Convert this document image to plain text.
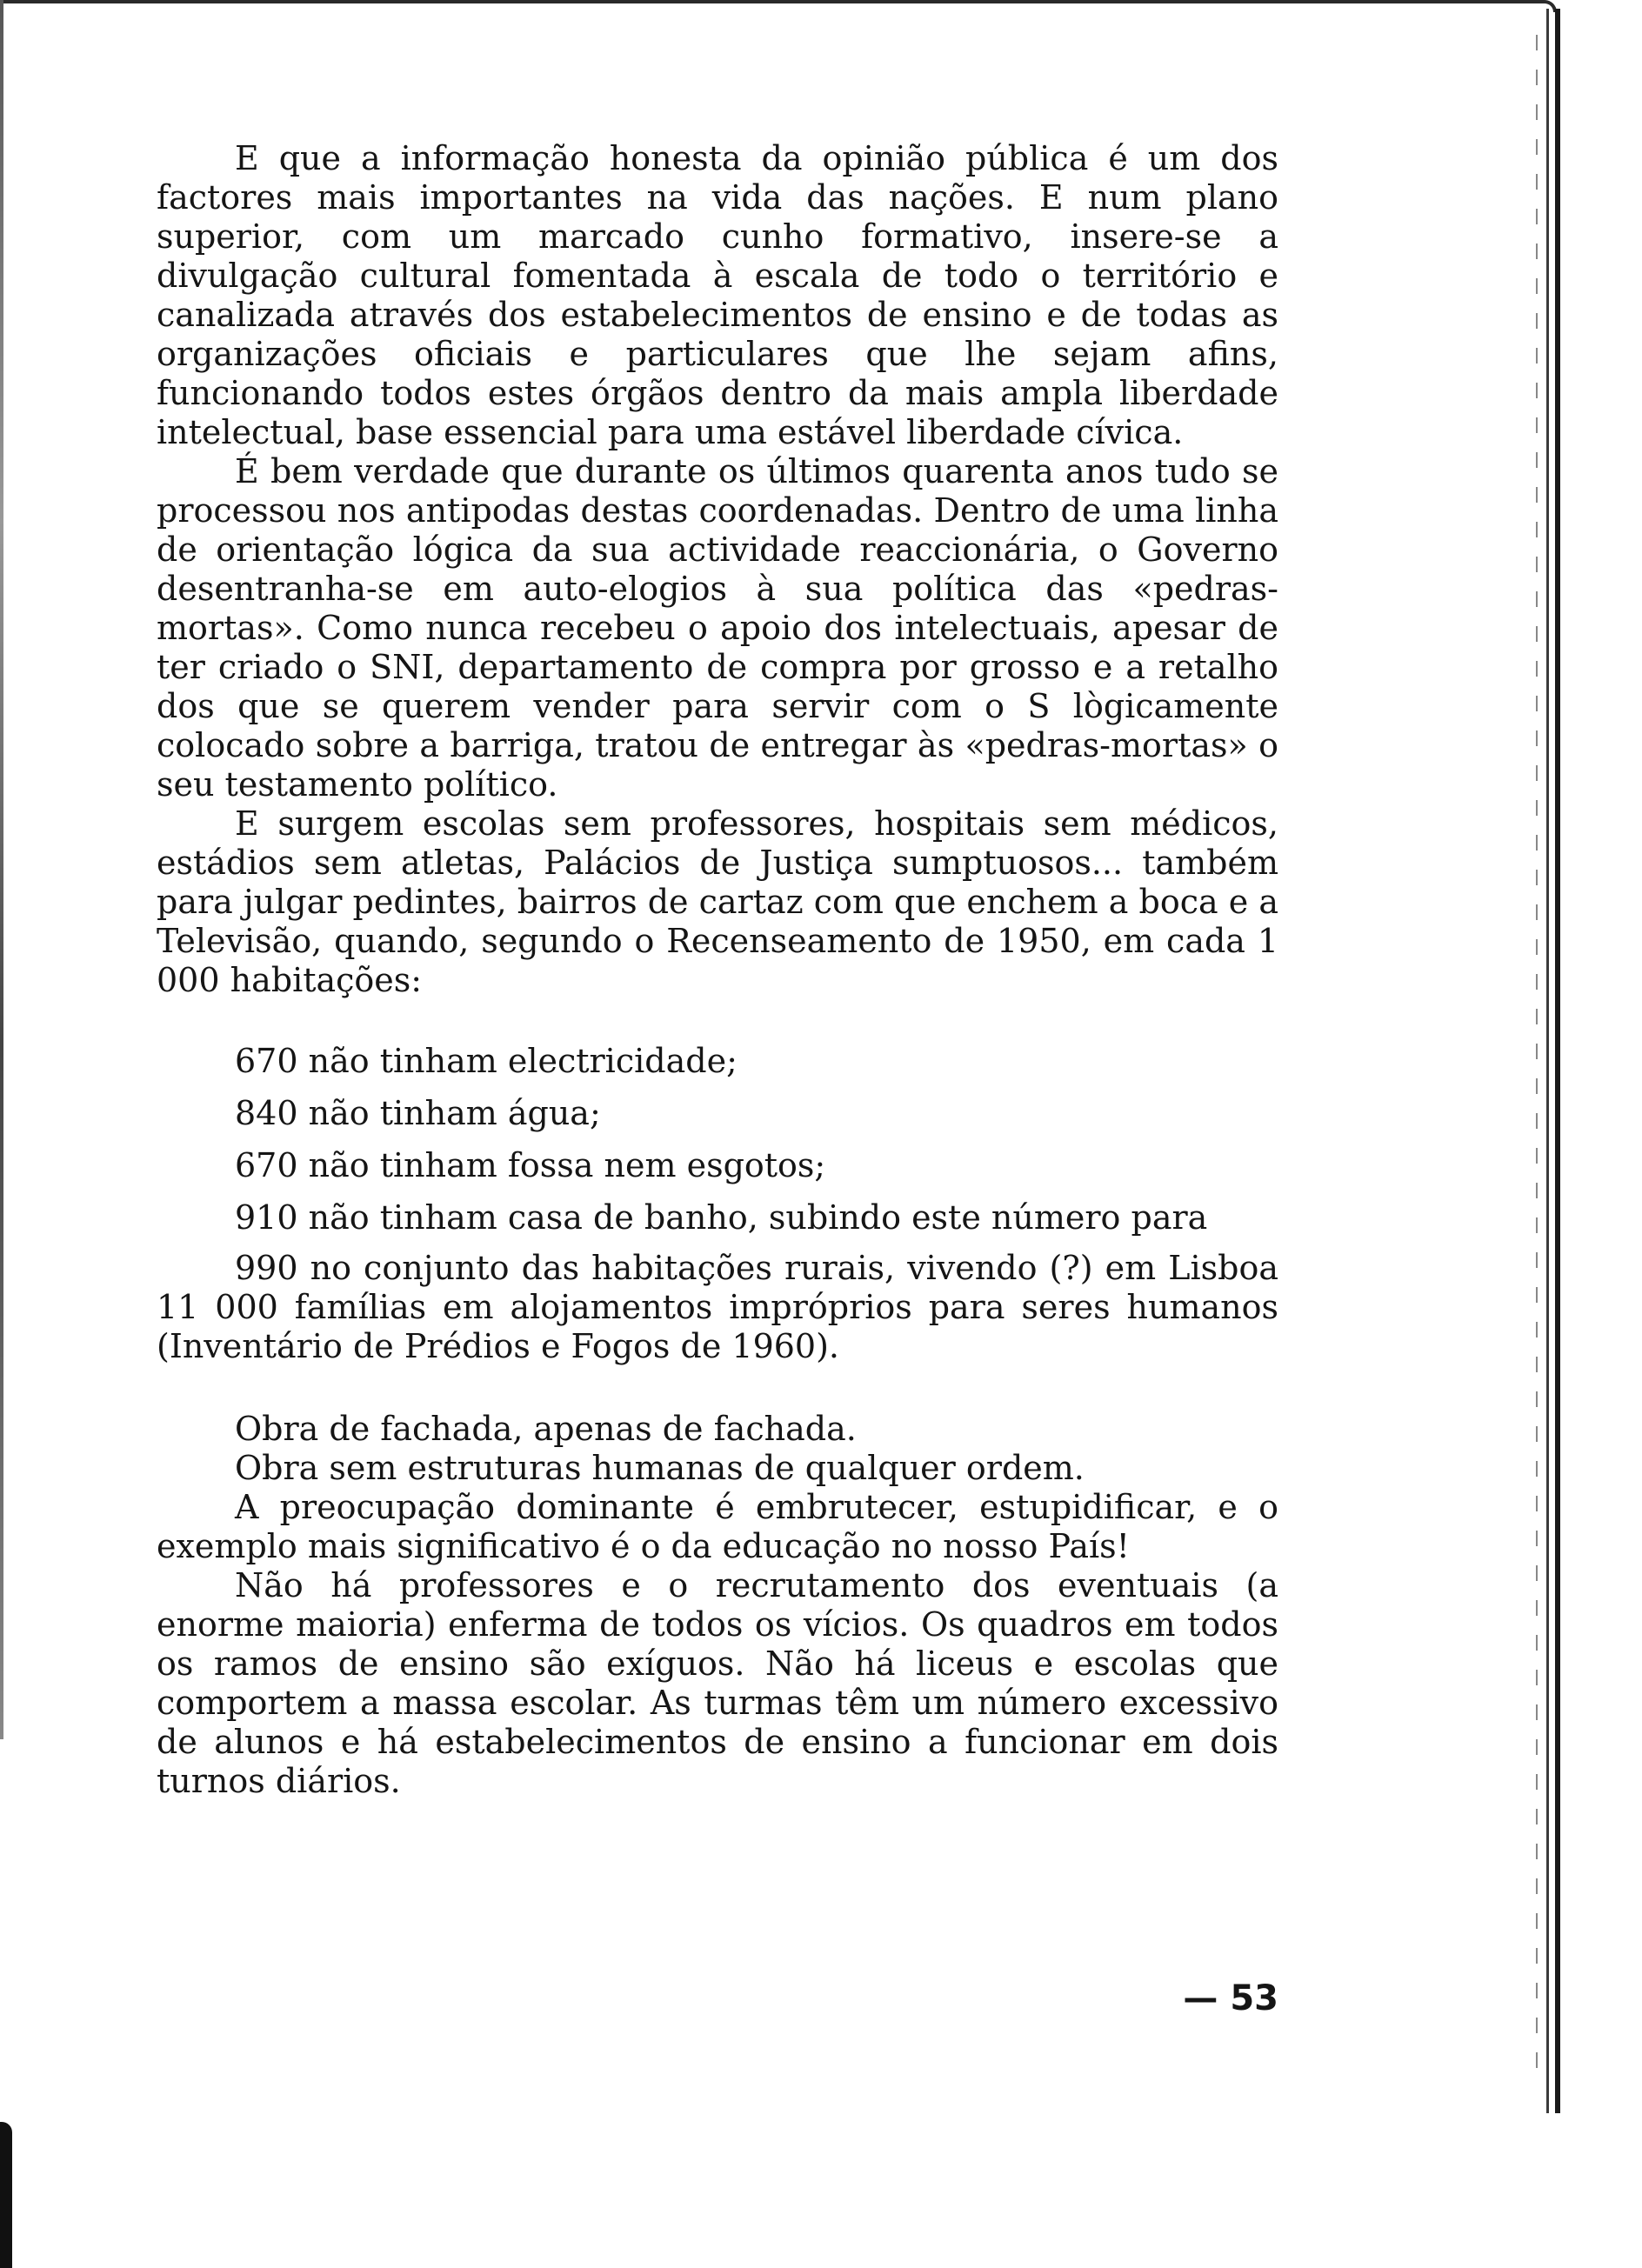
E que a informação honesta da opinião pública é um dos factores mais importantes na vida das nações. E num plano superior, com um marcado cunho formativo, insere-se a divulgação cultural fomentada à escala de todo o território e canalizada através dos estabelecimentos de ensino e de todas as organizações oficiais e particulares que lhe sejam afins, funcionando todos estes órgãos dentro da mais ampla liberdade intelectual, base essencial para uma estável liberdade cívica.

É bem verdade que durante os últimos quarenta anos tudo se processou nos antipodas destas coordenadas. Dentro de uma linha de orientação lógica da sua actividade reaccionária, o Governo desentranha-se em auto-elogios à sua política das «pedras-mortas». Como nunca recebeu o apoio dos intelectuais, apesar de ter criado o SNI, departamento de compra por grosso e a retalho dos que se querem vender para servir com o S lògicamente colocado sobre a barriga, tratou de entregar às «pedras-mortas» o seu testamento político.

E surgem escolas sem professores, hospitais sem médicos, estádios sem atletas, Palácios de Justiça sumptuosos... também para julgar pedintes, bairros de cartaz com que enchem a boca e a Televisão, quando, segundo o Recenseamento de 1950, em cada 1 000 habitações:

670 não tinham electricidade;
840 não tinham água;
670 não tinham fossa nem esgotos;
910 não tinham casa de banho, subindo este número para

990 no conjunto das habitações rurais, vivendo (?) em Lisboa 11 000 famílias em alojamentos impróprios para seres humanos (Inventário de Prédios e Fogos de 1960).

Obra de fachada, apenas de fachada.

Obra sem estruturas humanas de qualquer ordem.

A preocupação dominante é embrutecer, estupidificar, e o exemplo mais significativo é o da educação no nosso País!

Não há professores e o recrutamento dos eventuais (a enorme maioria) enferma de todos os vícios. Os quadros em todos os ramos de ensino são exíguos. Não há liceus e escolas que comportem a massa escolar. As turmas têm um número excessivo de alunos e há estabelecimentos de ensino a funcionar em dois turnos diários.

— 53
